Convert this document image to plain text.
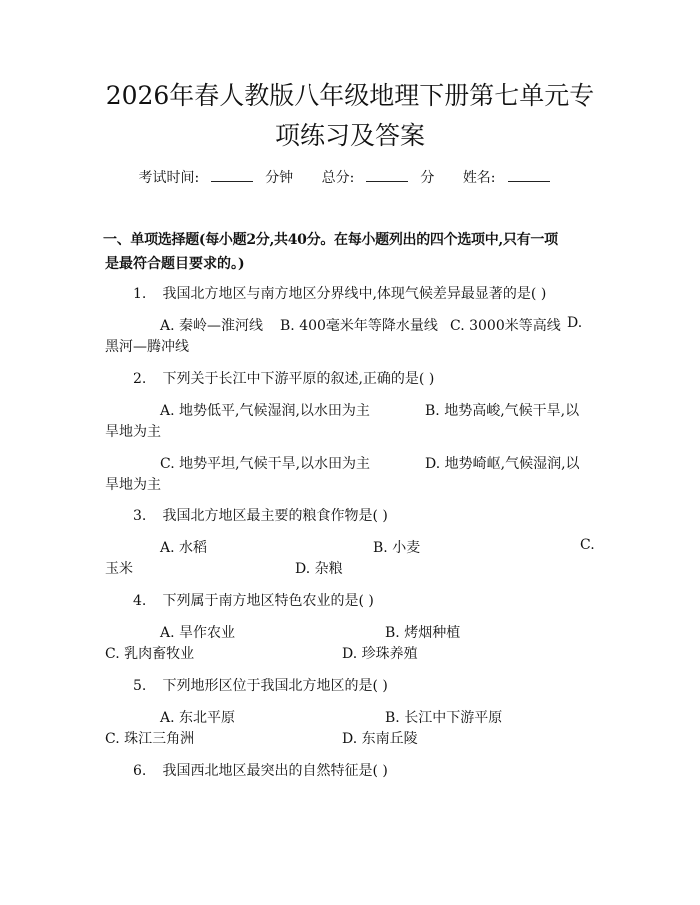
2026年春人教版八年级地理下册第七单元专
项练习及答案
考试时间:	分钟 总分:	分 姓名:
一、单项选择题(每小题2分,共40分。在每小题列出的四个选项中,只有一项
是最符合题目要求的。)
1. 我国北方地区与南方地区分界线中,体现气候差异最显著的是( )
A. 秦岭—淮河线 B. 400毫米年等降水量线 C. 3000米等高线 D.
黑河—腾冲线
2. 下列关于长江中下游平原的叙述,正确的是( )
A. 地势低平,气候湿润,以水田为主	B. 地势高峻,气候干旱,以
旱地为主
C. 地势平坦,气候干旱,以水田为主	D. 地势崎岖,气候湿润,以
旱地为主
3. 我国北方地区最主要的粮食作物是( )
A. 水稻	B. 小麦	C.
玉米	D. 杂粮
4. 下列属于南方地区特色农业的是( )
A. 旱作农业	B. 烤烟种植
C. 乳肉畜牧业	D. 珍珠养殖
5. 下列地形区位于我国北方地区的是( )
A. 东北平原	B. 长江中下游平原
C. 珠江三角洲	D. 东南丘陵
6. 我国西北地区最突出的自然特征是( )
